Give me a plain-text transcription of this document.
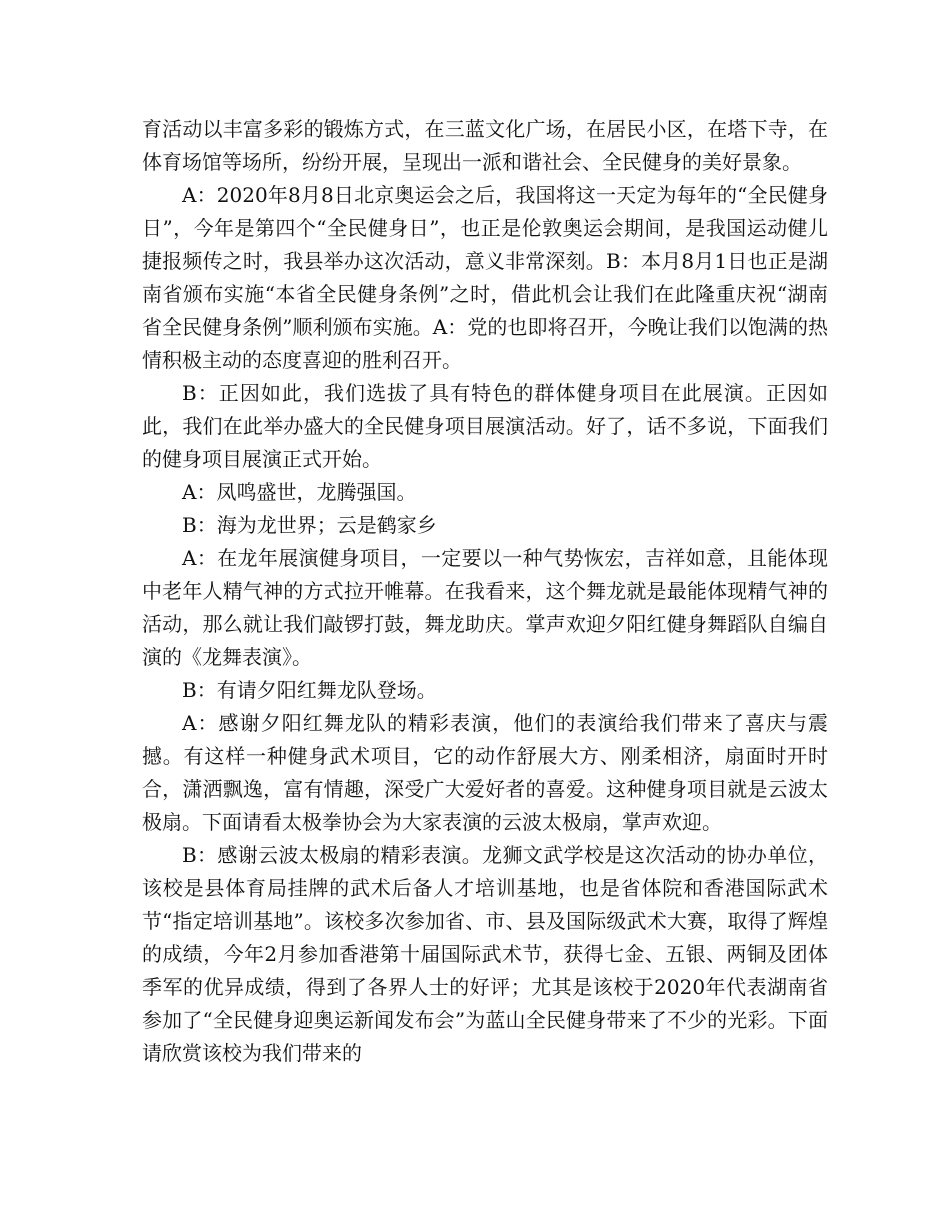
育活动以丰富多彩的锻炼方式，在三蓝文化广场，在居民小区，在塔下寺，在体育场馆等场所，纷纷开展，呈现出一派和谐社会、全民健身的美好景象。

A：2020年8月8日北京奥运会之后，我国将这一天定为每年的“全民健身日”，今年是第四个“全民健身日”，也正是伦敦奥运会期间，是我国运动健儿捷报频传之时，我县举办这次活动，意义非常深刻。B：本月8月1日也正是湖南省颁布实施“本省全民健身条例”之时，借此机会让我们在此隆重庆祝“湖南省全民健身条例”顺利颁布实施。A：党的也即将召开，今晚让我们以饱满的热情积极主动的态度喜迎的胜利召开。

B：正因如此，我们选拔了具有特色的群体健身项目在此展演。正因如此，我们在此举办盛大的全民健身项目展演活动。好了，话不多说，下面我们的健身项目展演正式开始。

A：凤鸣盛世，龙腾强国。

B：海为龙世界；云是鹤家乡

A：在龙年展演健身项目，一定要以一种气势恢宏，吉祥如意，且能体现中老年人精气神的方式拉开帷幕。在我看来，这个舞龙就是最能体现精气神的活动，那么就让我们敲锣打鼓，舞龙助庆。掌声欢迎夕阳红健身舞蹈队自编自演的《龙舞表演》。

B：有请夕阳红舞龙队登场。

A：感谢夕阳红舞龙队的精彩表演，他们的表演给我们带来了喜庆与震撼。有这样一种健身武术项目，它的动作舒展大方、刚柔相济，扇面时开时合，潇洒飘逸，富有情趣，深受广大爱好者的喜爱。这种健身项目就是云波太极扇。下面请看太极拳协会为大家表演的云波太极扇，掌声欢迎。

B：感谢云波太极扇的精彩表演。龙狮文武学校是这次活动的协办单位，该校是县体育局挂牌的武术后备人才培训基地，也是省体院和香港国际武术节“指定培训基地”。该校多次参加省、市、县及国际级武术大赛，取得了辉煌的成绩，今年2月参加香港第十届国际武术节，获得七金、五银、两铜及团体季军的优异成绩，得到了各界人士的好评；尤其是该校于2020年代表湖南省参加了“全民健身迎奥运新闻发布会”为蓝山全民健身带来了不少的光彩。下面请欣赏该校为我们带来的
